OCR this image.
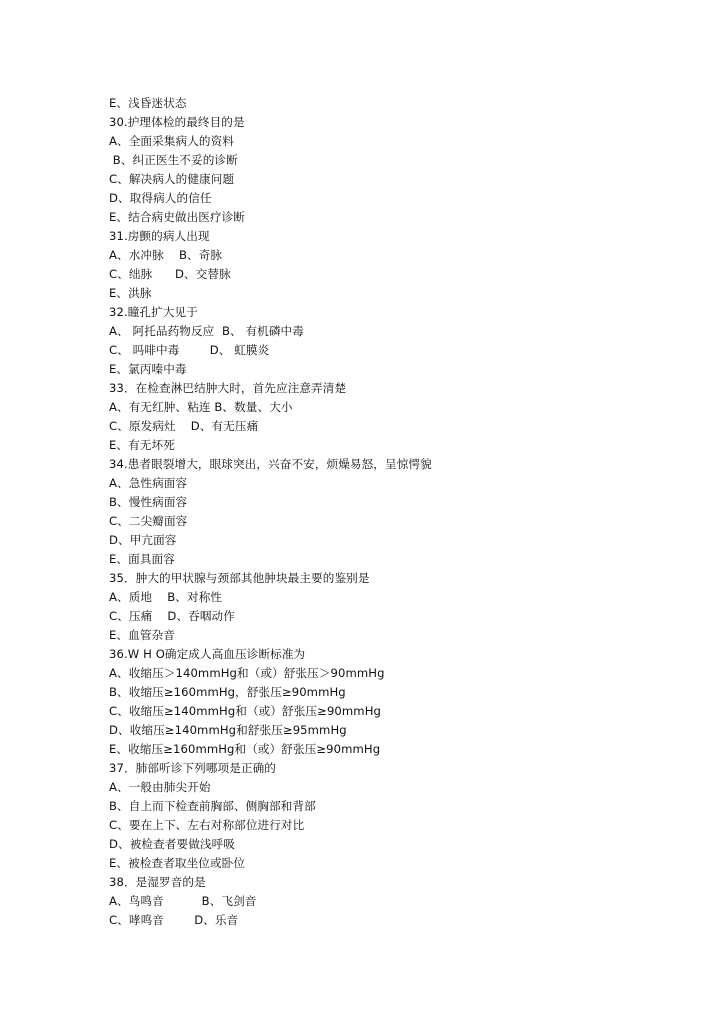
E、浅昏迷状态
30.护理体检的最终目的是
A、全面采集病人的资料
B、纠正医生不妥的诊断
C、解决病人的健康问题
D、取得病人的信任
E、结合病史做出医疗诊断
31.房颤的病人出现
A、水冲脉    B、奇脉
C、绌脉      D、交替脉
E、洪脉
32.瞳孔扩大见于
A、 阿托品药物反应  B、 有机磷中毒
C、 吗啡中毒        D、 虹膜炎
E、氯丙嗪中毒
33．在检查淋巴结肿大时，首先应注意弄清楚
A、有无红肿、粘连 B、数量、大小
C、原发病灶    D、有无压痛
E、有无坏死
34.患者眼裂增大，眼球突出，兴奋不安，烦燥易怒，呈惊愕貌
A、急性病面容
B、慢性病面容
C、二尖瓣面容
D、甲亢面容
E、面具面容
35．肿大的甲状腺与颈部其他肿块最主要的鉴别是
A、质地    B、对称性
C、压痛    D、吞咽动作
E、血管杂音
36.W H O确定成人高血压诊断标准为
A、收缩压＞140mmHg和（或）舒张压＞90mmHg
B、收缩压≥160mmHg，舒张压≥90mmHg
C、收缩压≥140mmHg和（或）舒张压≥90mmHg
D、收缩压≥140mmHg和舒张压≥95mmHg
E、收缩压≥160mmHg和（或）舒张压≥90mmHg
37．肺部听诊下列哪项是正确的
A、一般由肺尖开始
B、自上而下检查前胸部、侧胸部和背部
C、要在上下、左右对称部位进行对比
D、被检查者要做浅呼吸
E、被检查者取坐位或卧位
38．是湿罗音的是
A、鸟鸣音          B、飞剑音
C、哮鸣音        D、乐音
